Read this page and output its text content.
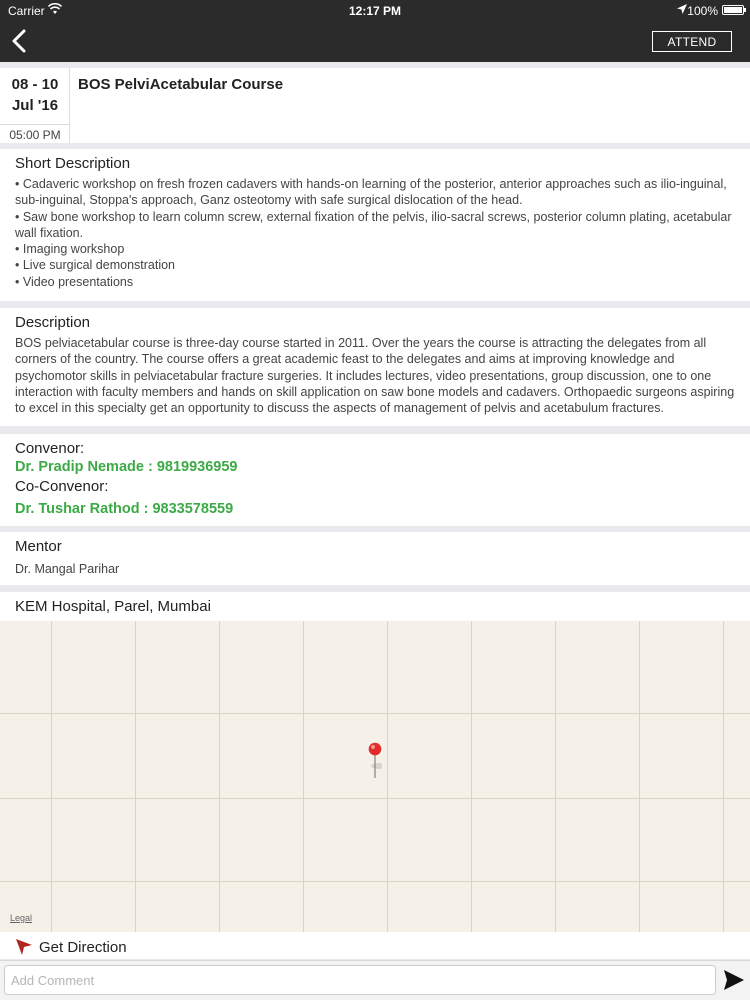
Carrier	12:17 PM	100%
ATTEND
08 - 10
Jul '16
05:00 PM
BOS PelviAcetabular Course
Short Description
• Cadaveric workshop on fresh frozen cadavers with hands-on learning of the posterior, anterior approaches such as ilio-inguinal, sub-inguinal, Stoppa's approach, Ganz osteotomy with safe surgical dislocation of the head.
• Saw bone workshop to learn column screw, external fixation of the pelvis, ilio-sacral screws, posterior column plating, acetabular wall fixation.
• Imaging workshop
• Live surgical demonstration
• Video presentations
Description

BOS pelviacetabular course is three-day course started in 2011. Over the years the course is attracting the delegates from all corners of the country. The course offers a great academic feast to the delegates and aims at improving knowledge and psychomotor skills in pelviacetabular fracture surgeries. It includes lectures, video presentations, group discussion, one to one interaction with faculty members and hands on skill application on saw bone models and cadavers. Orthopaedic surgeons aspiring to excel in this specialty get an opportunity to discuss the aspects of management of pelvis and acetabulum fractures.

Convenor:
Dr. Pradip Nemade : 9819936959
Co-Convenor:
Dr. Tushar Rathod : 9833578559
Mentor
Dr. Mangal Parihar
KEM Hospital, Parel, Mumbai
Legal
Get Direction
Add Comment
